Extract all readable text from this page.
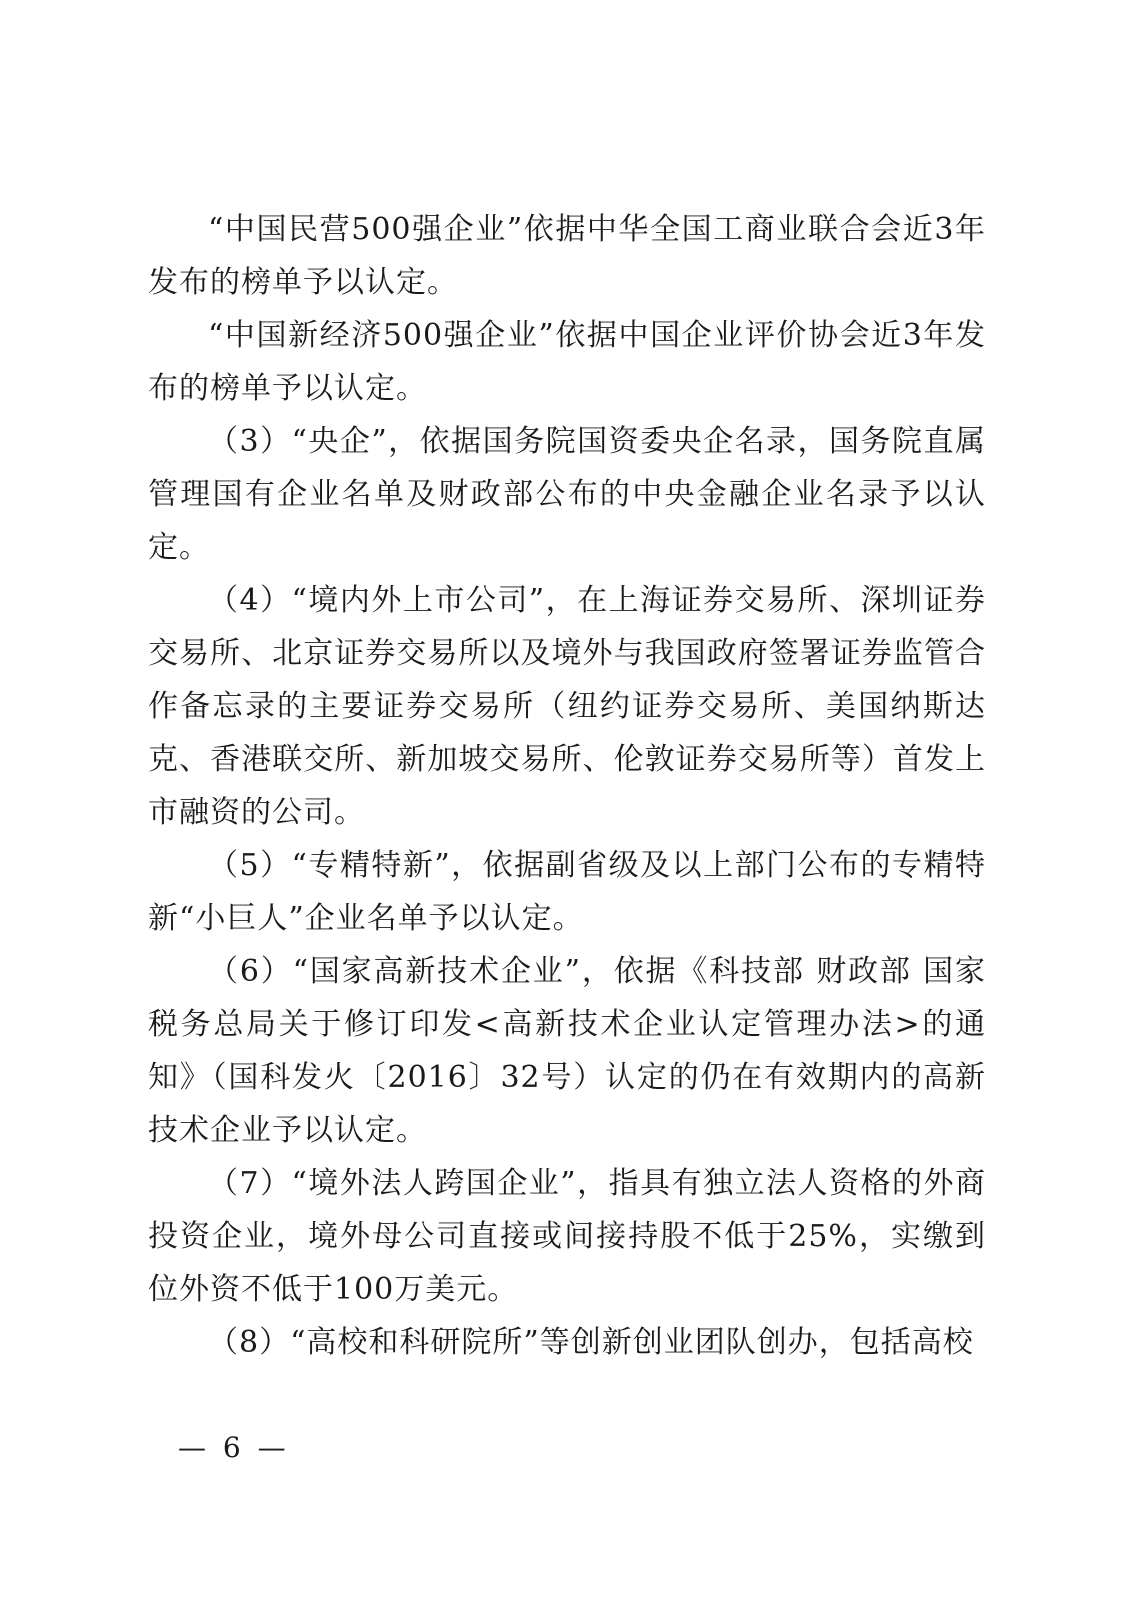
“中国民营500强企业”依据中华全国工商业联合会近3年发布的榜单予以认定。

“中国新经济500强企业”依据中国企业评价协会近3年发布的榜单予以认定。

（3）“央企”，依据国务院国资委央企名录，国务院直属管理国有企业名单及财政部公布的中央金融企业名录予以认定。

（4）“境内外上市公司”，在上海证券交易所、深圳证券交易所、北京证券交易所以及境外与我国政府签署证券监管合作备忘录的主要证券交易所（纽约证券交易所、美国纳斯达克、香港联交所、新加坡交易所、伦敦证券交易所等）首发上市融资的公司。

（5）“专精特新”，依据副省级及以上部门公布的专精特新“小巨人”企业名单予以认定。

（6）“国家高新技术企业”，依据《科技部 财政部 国家税务总局关于修订印发<高新技术企业认定管理办法>的通知》（国科发火〔2016〕32号）认定的仍在有效期内的高新技术企业予以认定。

（7）“境外法人跨国企业”，指具有独立法人资格的外商投资企业，境外母公司直接或间接持股不低于25%，实缴到位外资不低于100万美元。

（8）“高校和科研院所”等创新创业团队创办，包括高校

— 6 —
